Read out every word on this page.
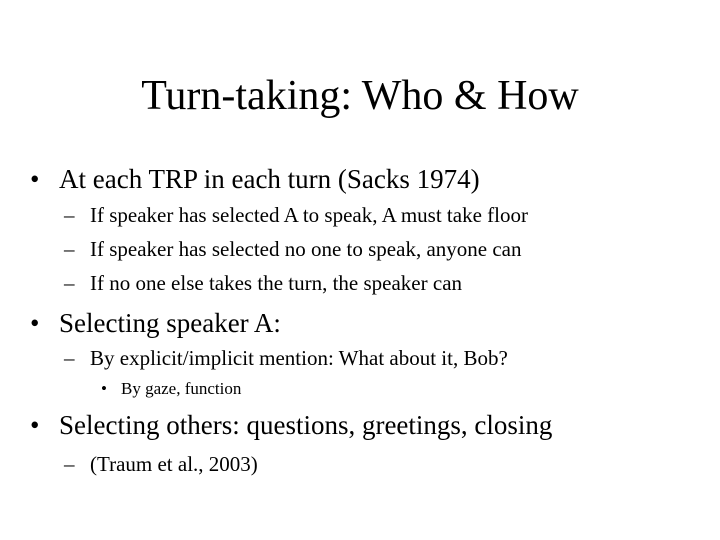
Turn-taking: Who & How
• At each TRP in each turn (Sacks 1974)
– If speaker has selected A to speak, A must take floor
– If speaker has selected no one to speak, anyone can
– If no one else takes the turn, the speaker can
• Selecting speaker A:
– By explicit/implicit mention: What about it, Bob?
• By gaze, function
• Selecting others: questions, greetings, closing
– (Traum et al., 2003)
